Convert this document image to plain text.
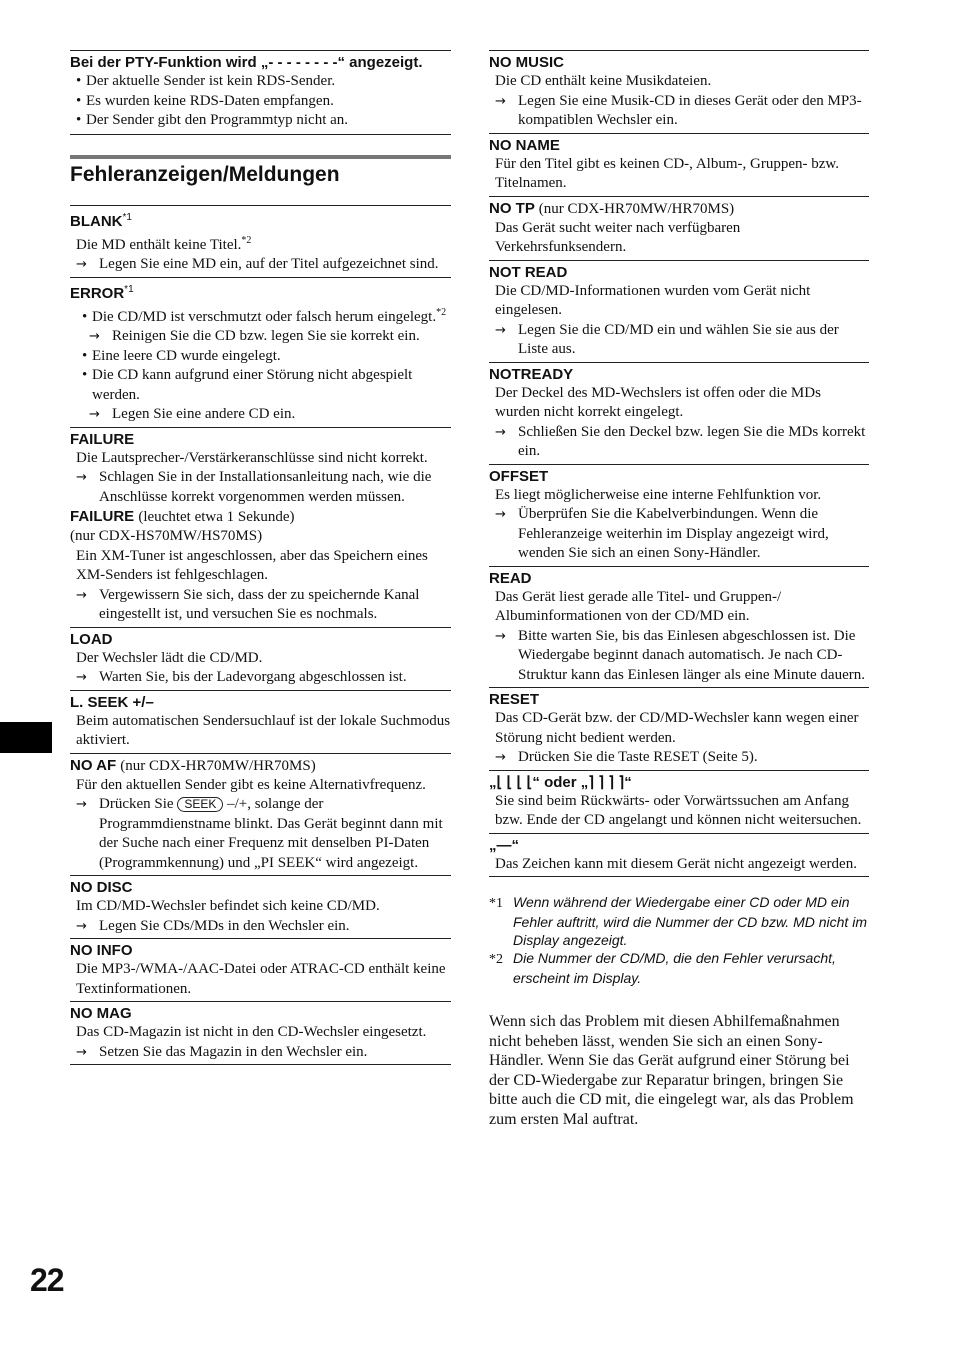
Bei der PTY-Funktion wird „- - - - - - - -“ angezeigt.
• Der aktuelle Sender ist kein RDS-Sender.
• Es wurden keine RDS-Daten empfangen.
• Der Sender gibt den Programmtyp nicht an.
Fehleranzeigen/Meldungen
BLANK$^{*1}$
Die MD enthält keine Titel.$^{*2}$
→ Legen Sie eine MD ein, auf der Titel aufgezeichnet sind.
ERROR$^{*1}$
• Die CD/MD ist verschmutzt oder falsch herum eingelegt.$^{*2}$
→ Reinigen Sie die CD bzw. legen Sie sie korrekt ein.
• Eine leere CD wurde eingelegt.
• Die CD kann aufgrund einer Störung nicht abgespielt werden.
→ Legen Sie eine andere CD ein.
FAILURE
Die Lautsprecher-/Verstärkeranschlüsse sind nicht korrekt.
→ Schlagen Sie in der Installationsanleitung nach, wie die Anschlüsse korrekt vorgenommen werden müssen.
FAILURE (leuchtet etwa 1 Sekunde)
(nur CDX-HS70MW/HS70MS)
Ein XM-Tuner ist angeschlossen, aber das Speichern eines XM-Senders ist fehlgeschlagen.
→ Vergewissern Sie sich, dass der zu speichernde Kanal eingestellt ist, und versuchen Sie es nochmals.
LOAD
Der Wechsler lädt die CD/MD.
→ Warten Sie, bis der Ladevorgang abgeschlossen ist.
L. SEEK +/–
Beim automatischen Sendersuchlauf ist der lokale Suchmodus aktiviert.
NO AF (nur CDX-HR70MW/HR70MS)
Für den aktuellen Sender gibt es keine Alternativfrequenz.
→ Drücken Sie SEEK –/+, solange der Programmdienstname blinkt. Das Gerät beginnt dann mit der Suche nach einer Frequenz mit denselben PI-Daten (Programmkennung) und „PI SEEK“ wird angezeigt.
NO DISC
Im CD/MD-Wechsler befindet sich keine CD/MD.
→ Legen Sie CDs/MDs in den Wechsler ein.
NO INFO
Die MP3-/WMA-/AAC-Datei oder ATRAC-CD enthält keine Textinformationen.
NO MAG
Das CD-Magazin ist nicht in den CD-Wechsler eingesetzt.
→ Setzen Sie das Magazin in den Wechsler ein.
NO MUSIC
Die CD enthält keine Musikdateien.
→ Legen Sie eine Musik-CD in dieses Gerät oder den MP3-kompatiblen Wechsler ein.
NO NAME
Für den Titel gibt es keinen CD-, Album-, Gruppen- bzw. Titelnamen.
NO TP (nur CDX-HR70MW/HR70MS)
Das Gerät sucht weiter nach verfügbaren Verkehrsfunksendern.
NOT READ
Die CD/MD-Informationen wurden vom Gerät nicht eingelesen.
→ Legen Sie die CD/MD ein und wählen Sie sie aus der Liste aus.
NOTREADY
Der Deckel des MD-Wechslers ist offen oder die MDs wurden nicht korrekt eingelegt.
→ Schließen Sie den Deckel bzw. legen Sie die MDs korrekt ein.
OFFSET
Es liegt möglicherweise eine interne Fehlfunktion vor.
→ Überprüfen Sie die Kabelverbindungen. Wenn die Fehleranzeige weiterhin im Display angezeigt wird, wenden Sie sich an einen Sony-Händler.
READ
Das Gerät liest gerade alle Titel- und Gruppen-/ Albuminformationen von der CD/MD ein.
→ Bitte warten Sie, bis das Einlesen abgeschlossen ist. Die Wiedergabe beginnt danach automatisch. Je nach CD-Struktur kann das Einlesen länger als eine Minute dauern.
RESET
Das CD-Gerät bzw. der CD/MD-Wechsler kann wegen einer Störung nicht bedient werden.
→ Drücken Sie die Taste RESET (Seite 5).
„⌊ ⌊ ⌊ ⌊“ oder „⌉ ⌉ ⌉ ⌉“
Sie sind beim Rückwärts- oder Vorwärtssuchen am Anfang bzw. Ende der CD angelangt und können nicht weitersuchen.
„—“
Das Zeichen kann mit diesem Gerät nicht angezeigt werden.
*1 Wenn während der Wiedergabe einer CD oder MD ein Fehler auftritt, wird die Nummer der CD bzw. MD nicht im Display angezeigt.
*2 Die Nummer der CD/MD, die den Fehler verursacht, erscheint im Display.
Wenn sich das Problem mit diesen Abhilfemaßnahmen nicht beheben lässt, wenden Sie sich an einen Sony-Händler. Wenn Sie das Gerät aufgrund einer Störung bei der CD-Wiedergabe zur Reparatur bringen, bringen Sie bitte auch die CD mit, die eingelegt war, als das Problem zum ersten Mal auftrat.
22
